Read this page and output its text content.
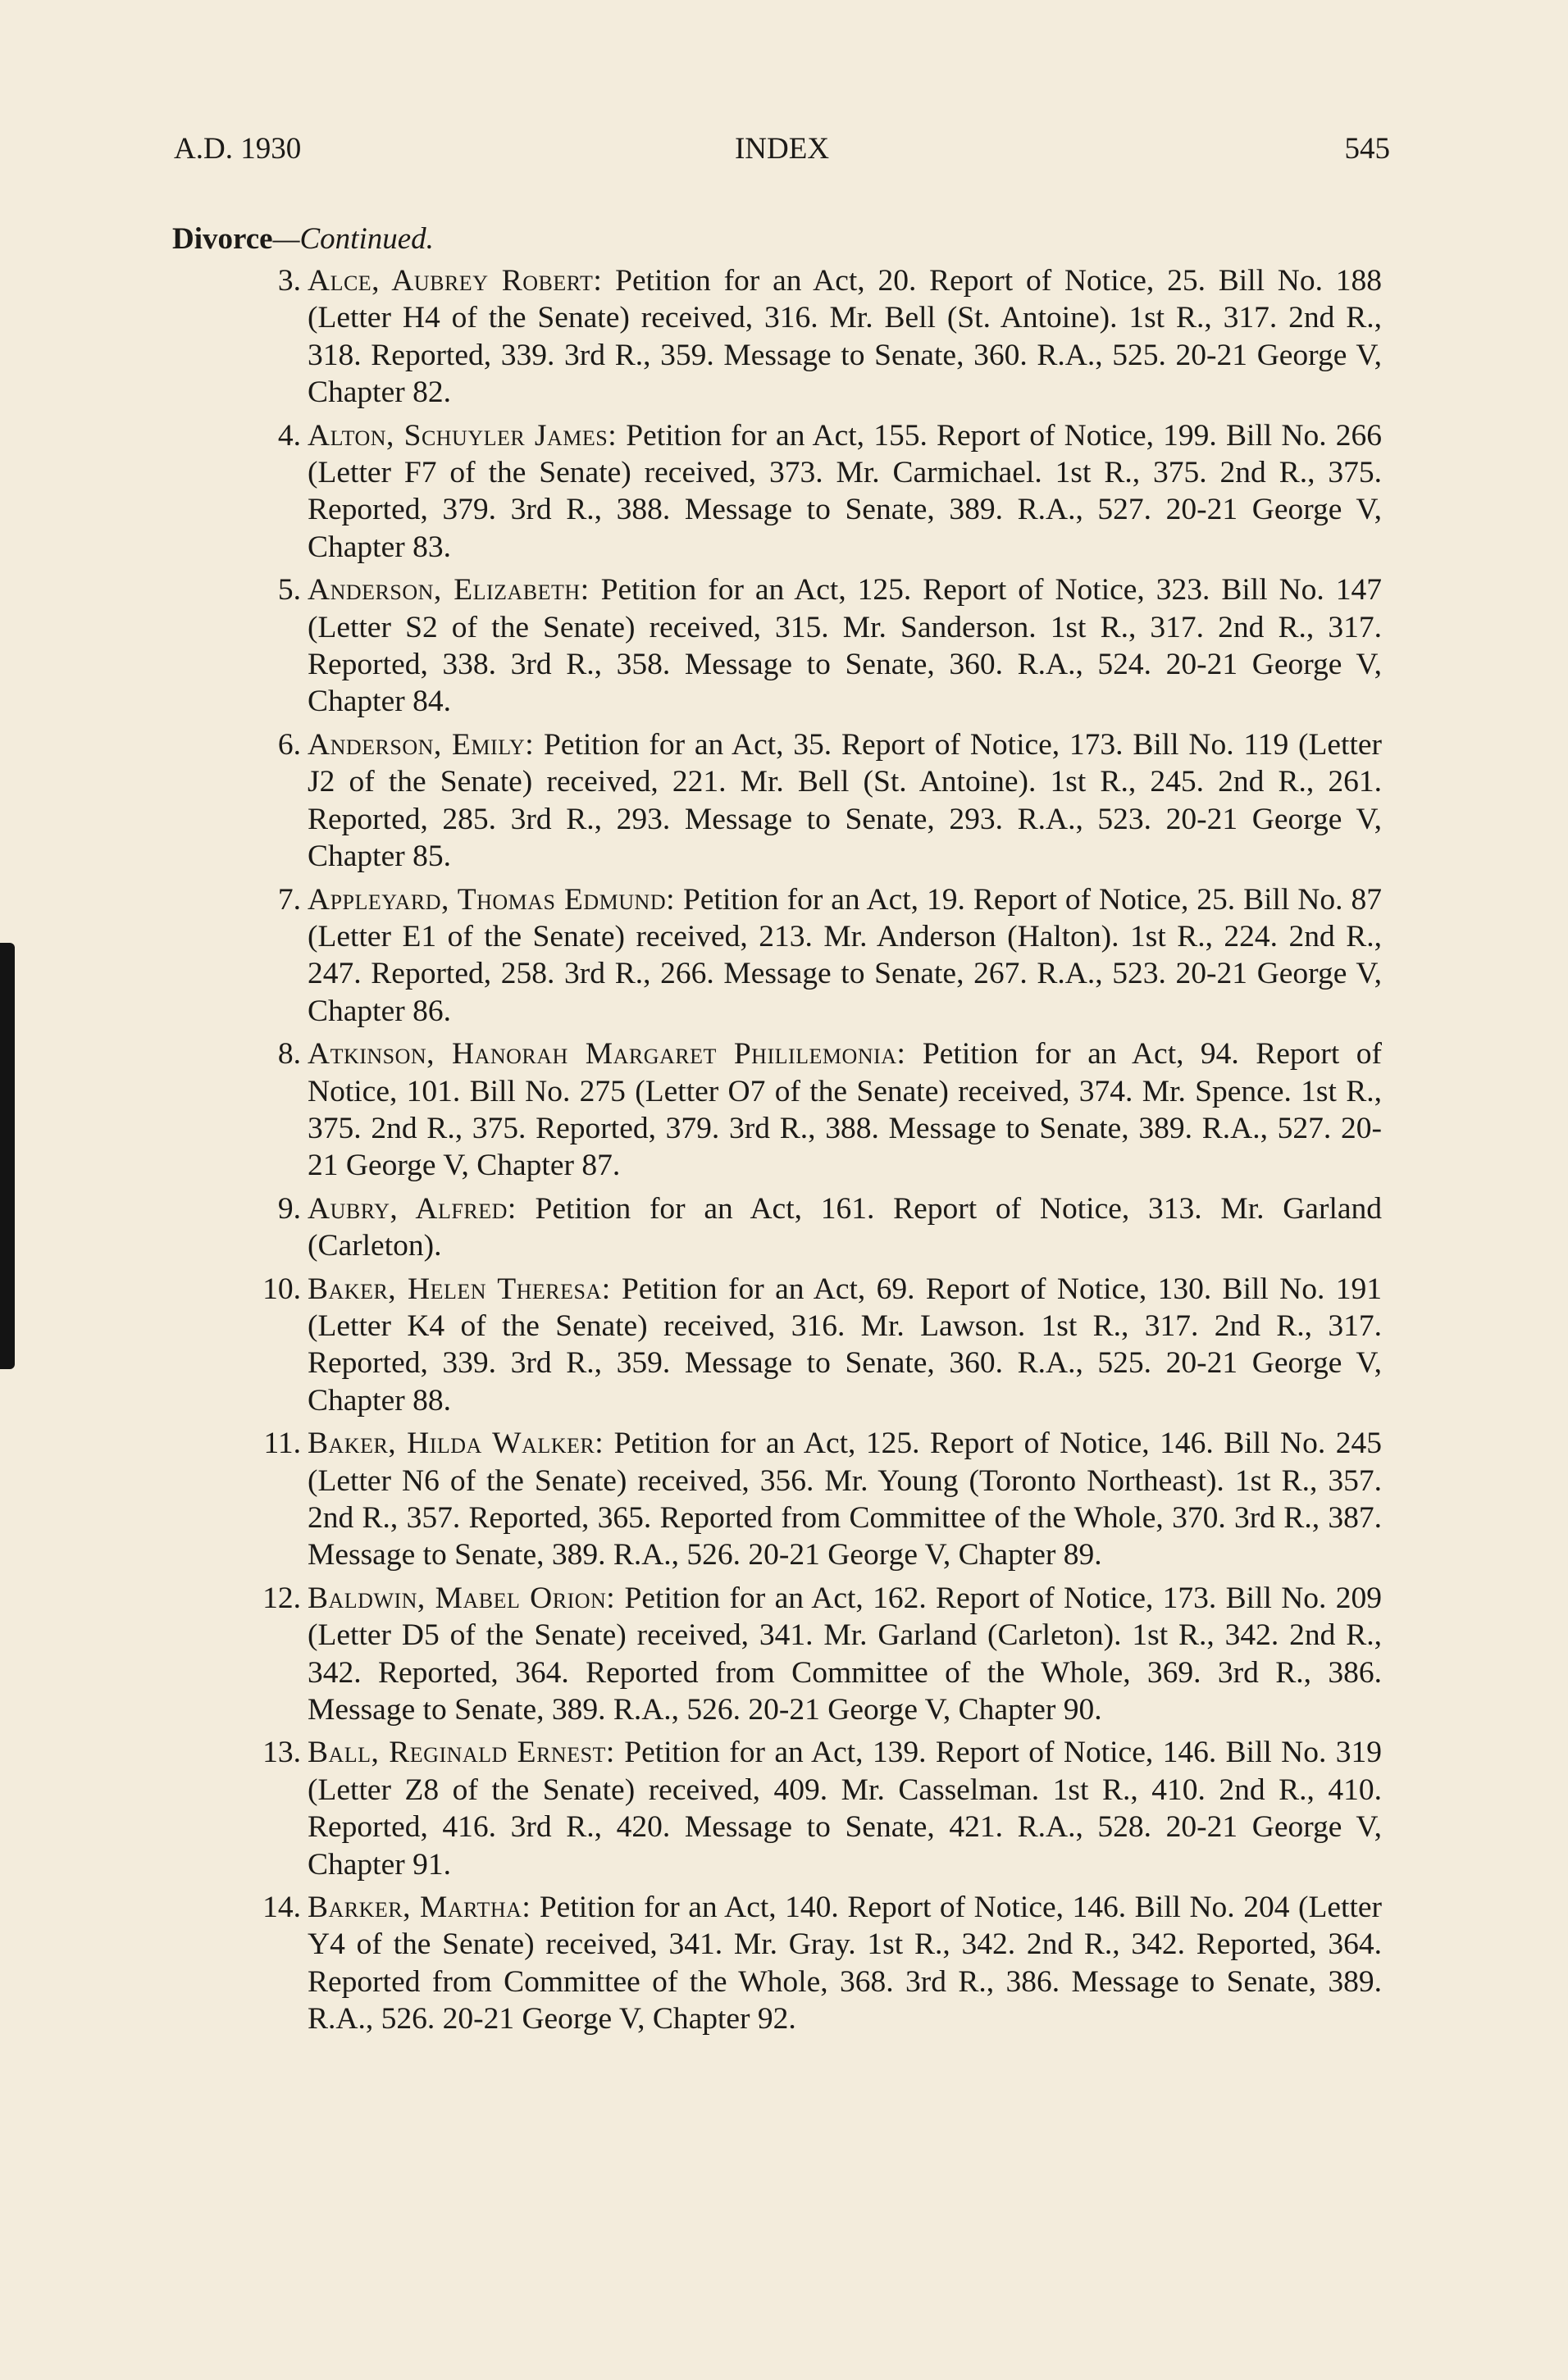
A.D. 1930	INDEX	545
Divorce—Continued.
3. Alce, Aubrey Robert: Petition for an Act, 20. Report of Notice, 25. Bill No. 188 (Letter H4 of the Senate) received, 316. Mr. Bell (St. Antoine). 1st R., 317. 2nd R., 318. Reported, 339. 3rd R., 359. Message to Senate, 360. R.A., 525. 20-21 George V, Chapter 82.
4. Alton, Schuyler James: Petition for an Act, 155. Report of Notice, 199. Bill No. 266 (Letter F7 of the Senate) received, 373. Mr. Carmichael. 1st R., 375. 2nd R., 375. Reported, 379. 3rd R., 388. Message to Senate, 389. R.A., 527. 20-21 George V, Chapter 83.
5. Anderson, Elizabeth: Petition for an Act, 125. Report of Notice, 323. Bill No. 147 (Letter S2 of the Senate) received, 315. Mr. Sanderson. 1st R., 317. 2nd R., 317. Reported, 338. 3rd R., 358. Message to Senate, 360. R.A., 524. 20-21 George V, Chapter 84.
6. Anderson, Emily: Petition for an Act, 35. Report of Notice, 173. Bill No. 119 (Letter J2 of the Senate) received, 221. Mr. Bell (St. Antoine). 1st R., 245. 2nd R., 261. Reported, 285. 3rd R., 293. Message to Senate, 293. R.A., 523. 20-21 George V, Chapter 85.
7. Appleyard, Thomas Edmund: Petition for an Act, 19. Report of Notice, 25. Bill No. 87 (Letter E1 of the Senate) received, 213. Mr. Anderson (Halton). 1st R., 224. 2nd R., 247. Reported, 258. 3rd R., 266. Message to Senate, 267. R.A., 523. 20-21 George V, Chapter 86.
8. Atkinson, Hanorah Margaret Phililemonia: Petition for an Act, 94. Report of Notice, 101. Bill No. 275 (Letter O7 of the Senate) received, 374. Mr. Spence. 1st R., 375. 2nd R., 375. Reported, 379. 3rd R., 388. Message to Senate, 389. R.A., 527. 20-21 George V, Chapter 87.
9. Aubry, Alfred: Petition for an Act, 161. Report of Notice, 313. Mr. Garland (Carleton).
10. Baker, Helen Theresa: Petition for an Act, 69. Report of Notice, 130. Bill No. 191 (Letter K4 of the Senate) received, 316. Mr. Lawson. 1st R., 317. 2nd R., 317. Reported, 339. 3rd R., 359. Message to Senate, 360. R.A., 525. 20-21 George V, Chapter 88.
11. Baker, Hilda Walker: Petition for an Act, 125. Report of Notice, 146. Bill No. 245 (Letter N6 of the Senate) received, 356. Mr. Young (Toronto Northeast). 1st R., 357. 2nd R., 357. Reported, 365. Reported from Committee of the Whole, 370. 3rd R., 387. Message to Senate, 389. R.A., 526. 20-21 George V, Chapter 89.
12. Baldwin, Mabel Orion: Petition for an Act, 162. Report of Notice, 173. Bill No. 209 (Letter D5 of the Senate) received, 341. Mr. Garland (Carleton). 1st R., 342. 2nd R., 342. Reported, 364. Reported from Committee of the Whole, 369. 3rd R., 386. Message to Senate, 389. R.A., 526. 20-21 George V, Chapter 90.
13. Ball, Reginald Ernest: Petition for an Act, 139. Report of Notice, 146. Bill No. 319 (Letter Z8 of the Senate) received, 409. Mr. Casselman. 1st R., 410. 2nd R., 410. Reported, 416. 3rd R., 420. Message to Senate, 421. R.A., 528. 20-21 George V, Chapter 91.
14. Barker, Martha: Petition for an Act, 140. Report of Notice, 146. Bill No. 204 (Letter Y4 of the Senate) received, 341. Mr. Gray. 1st R., 342. 2nd R., 342. Reported, 364. Reported from Committee of the Whole, 368. 3rd R., 386. Message to Senate, 389. R.A., 526. 20-21 George V, Chapter 92.
